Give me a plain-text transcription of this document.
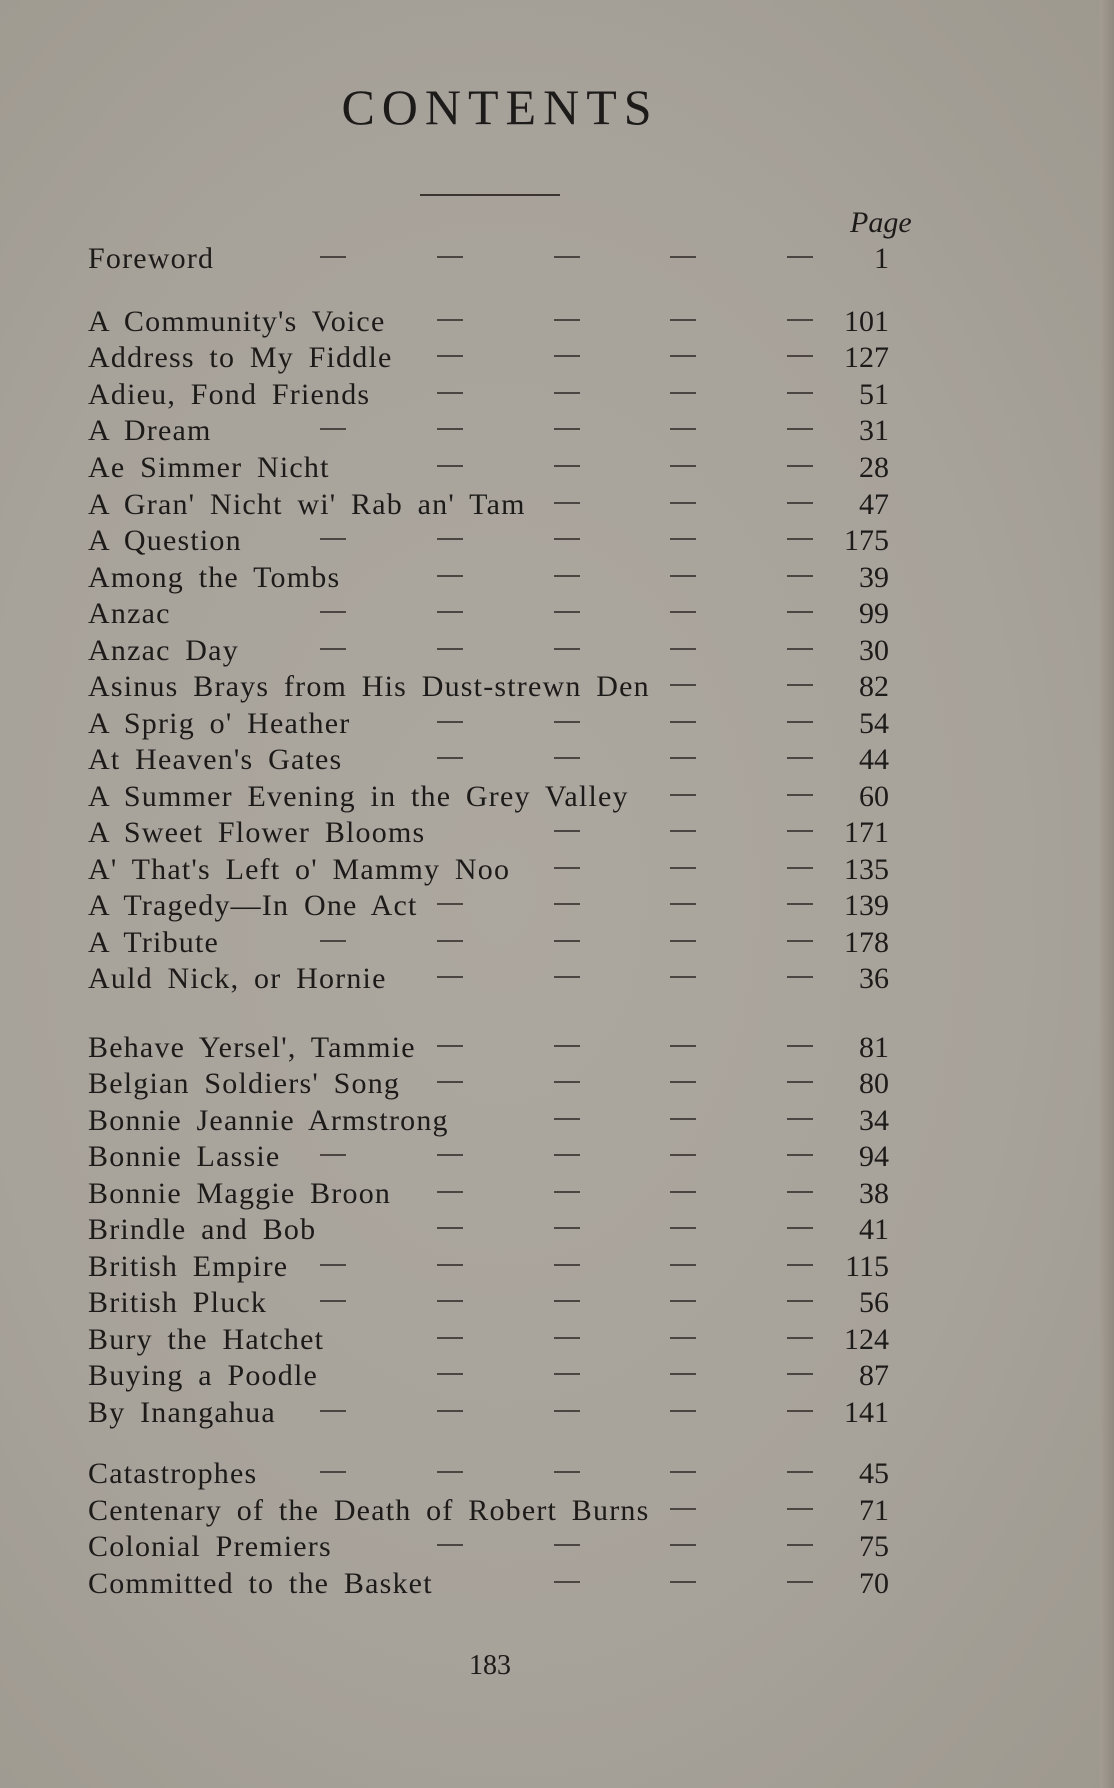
CONTENTS
Page
Foreword	1
A Community's Voice	101
Address to My Fiddle	127
Adieu, Fond Friends	51
A Dream	31
Ae Simmer Nicht	28
A Gran' Nicht wi' Rab an' Tam	47
A Question	175
Among the Tombs	39
Anzac	99
Anzac Day	30
Asinus Brays from His Dust-strewn Den	82
A Sprig o' Heather	54
At Heaven's Gates	44
A Summer Evening in the Grey Valley	60
A Sweet Flower Blooms	171
A' That's Left o' Mammy Noo	135
A Tragedy—In One Act	139
A Tribute	178
Auld Nick, or Hornie	36
Behave Yersel', Tammie	81
Belgian Soldiers' Song	80
Bonnie Jeannie Armstrong	34
Bonnie Lassie	94
Bonnie Maggie Broon	38
Brindle and Bob	41
British Empire	115
British Pluck	56
Bury the Hatchet	124
Buying a Poodle	87
By Inangahua	141
Catastrophes	45
Centenary of the Death of Robert Burns	71
Colonial Premiers	75
Committed to the Basket	70
183
